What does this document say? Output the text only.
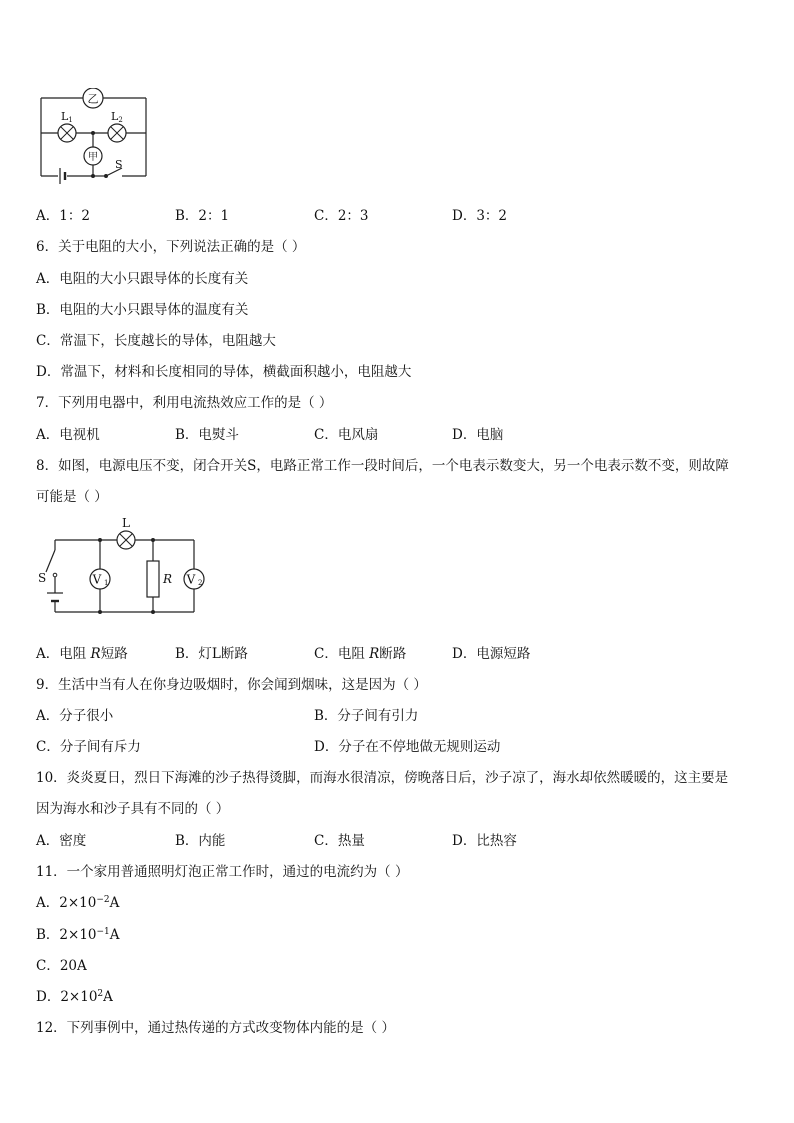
乙
L1	L2
甲
S
A．1：2	B．2：1	C．2：3	D．3：2
6．关于电阻的大小，下列说法正确的是（ ）
A．电阻的大小只跟导体的长度有关
B．电阻的大小只跟导体的温度有关
C．常温下，长度越长的导体，电阻越大
D．常温下，材料和长度相同的导体，横截面积越小，电阻越大
7．下列用电器中，利用电流热效应工作的是（ ）
A．电视机	B．电熨斗	C．电风扇	D．电脑
8．如图，电源电压不变，闭合开关S，电路正常工作一段时间后，一个电表示数变大，另一个电表示数不变，则故障
可能是（ ）
L
S	V 1	R V 2
A．电阻 R短路	B．灯L断路	C．电阻 R断路	D．电源短路
9．生活中当有人在你身边吸烟时，你会闻到烟味，这是因为（ ）
A．分子很小	B．分子间有引力
C．分子间有斥力	D．分子在不停地做无规则运动
10．炎炎夏日，烈日下海滩的沙子热得烫脚，而海水很清凉，傍晚落日后，沙子凉了，海水却依然暖暖的，这主要是
因为海水和沙子具有不同的（ ）
A．密度	B．内能	C．热量	D．比热容
11．一个家用普通照明灯泡正常工作时，通过的电流约为（ ）
A．$2\times 10^{-2}A$
B．$2\times 10^{-1}A$
C．20A
D．$2\times 10^2A$
12．下列事例中，通过热传递的方式改变物体内能的是（ ）
